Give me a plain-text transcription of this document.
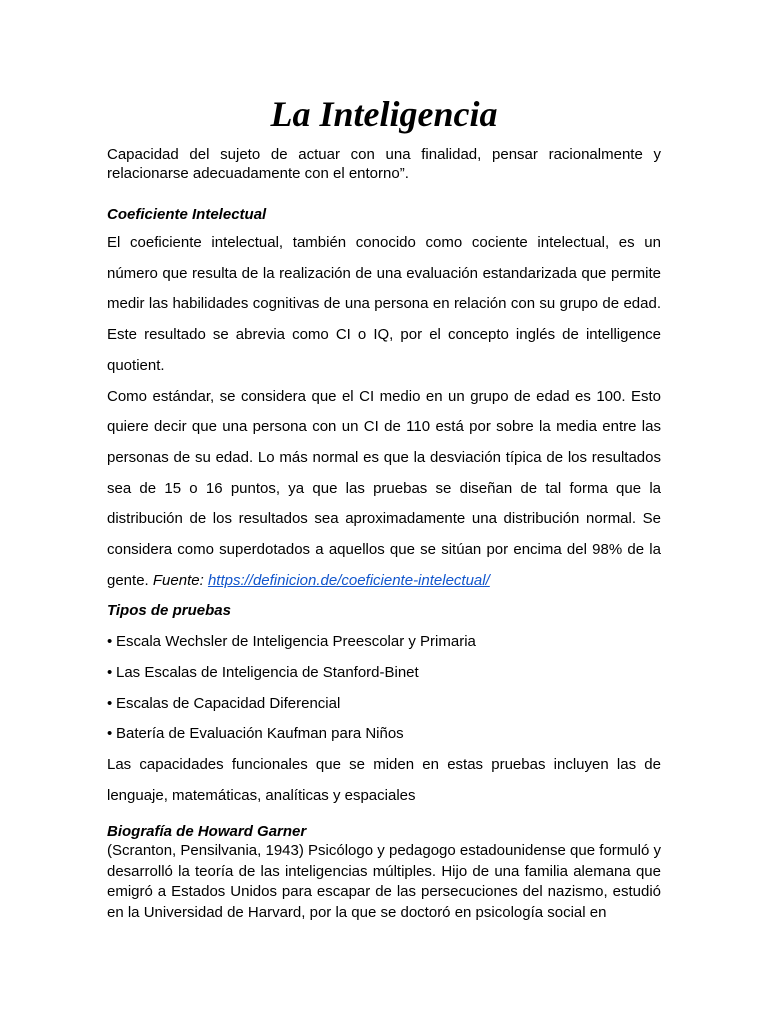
La Inteligencia

Capacidad del sujeto de actuar con una finalidad, pensar racionalmente y relacionarse adecuadamente con el entorno”.

Coeficiente Intelectual

El coeficiente intelectual, también conocido como cociente intelectual, es un número que resulta de la realización de una evaluación estandarizada que permite medir las habilidades cognitivas de una persona en relación con su grupo de edad. Este resultado se abrevia como CI o IQ, por el concepto inglés de intelligence quotient.

Como estándar, se considera que el CI medio en un grupo de edad es 100. Esto quiere decir que una persona con un CI de 110 está por sobre la media entre las personas de su edad. Lo más normal es que la desviación típica de los resultados sea de 15 o 16 puntos, ya que las pruebas se diseñan de tal forma que la distribución de los resultados sea aproximadamente una distribución normal. Se considera como superdotados a aquellos que se sitúan por encima del 98% de la gente. Fuente: https://definicion.de/coeficiente-intelectual/

Tipos de pruebas

• Escala Wechsler de Inteligencia Preescolar y Primaria
• Las Escalas de Inteligencia de Stanford-Binet
• Escalas de Capacidad Diferencial
• Batería de Evaluación Kaufman para Niños

Las capacidades funcionales que se miden en estas pruebas incluyen las de lenguaje, matemáticas, analíticas y espaciales

Biografía de Howard Garner

(Scranton, Pensilvania, 1943) Psicólogo y pedagogo estadounidense que formuló y desarrolló la teoría de las inteligencias múltiples. Hijo de una familia alemana que emigró a Estados Unidos para escapar de las persecuciones del nazismo, estudió en la Universidad de Harvard, por la que se doctoró en psicología social en
